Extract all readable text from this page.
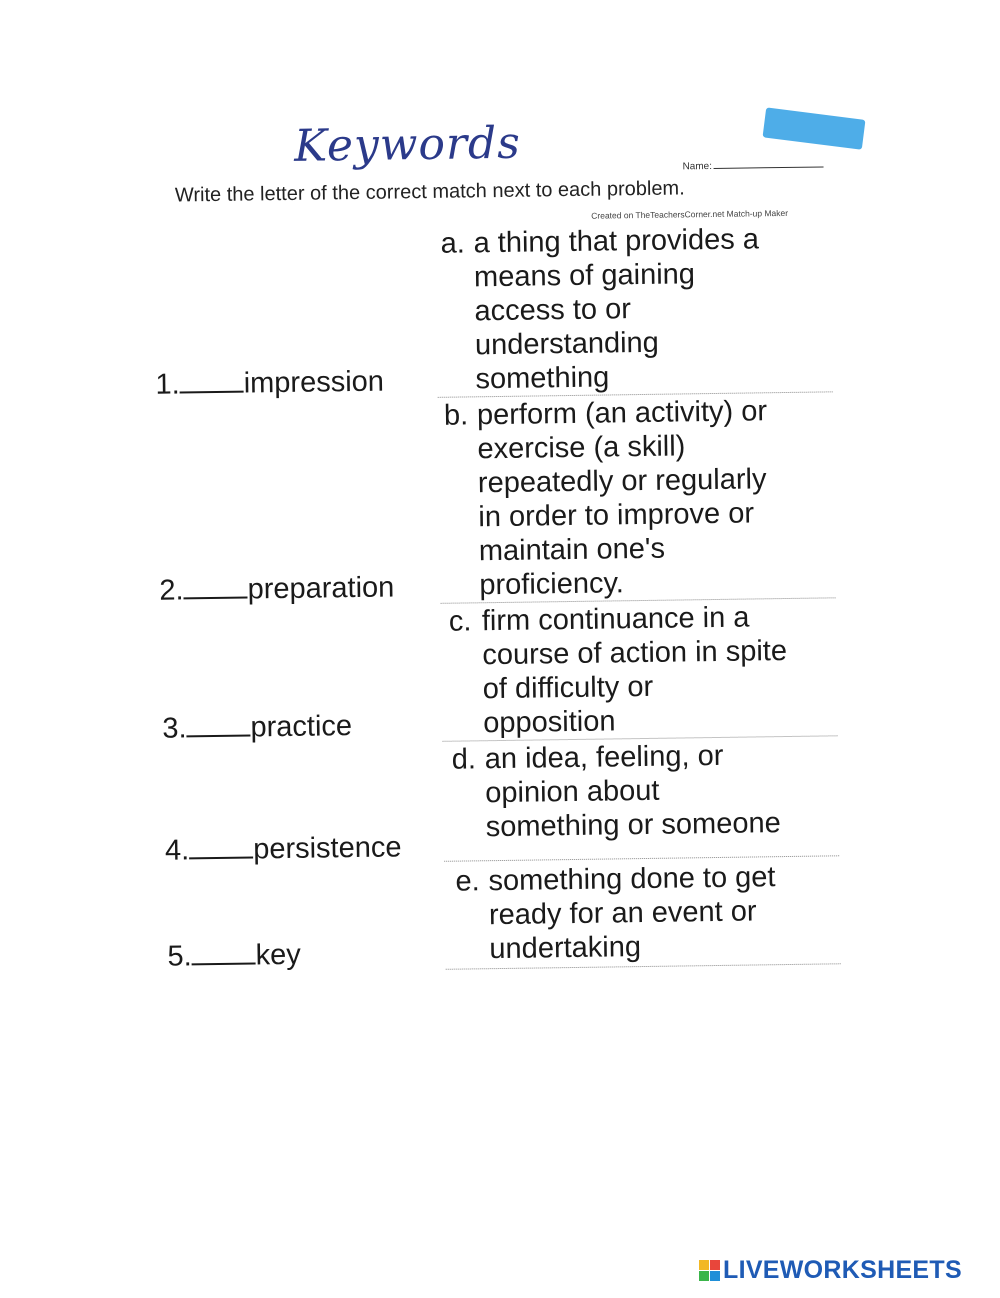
Keywords	Name:
Write the letter of the correct match next to each problem.
Created on TheTeachersCorner.net Match-up Maker
a. a thing that provides a
means of gaining
access to or
understanding
something
1. impression
b. perform (an activity) or
exercise (a skill)
repeatedly or regularly
in order to improve or
maintain one's
proficiency.
2. preparation
c. firm continuance in a
course of action in spite
of difficulty or
opposition
3. practice
d. an idea, feeling, or
opinion about
something or someone
4. persistence
e. something done to get
ready for an event or
undertaking
5. key
LIVEWORKSHEETS
